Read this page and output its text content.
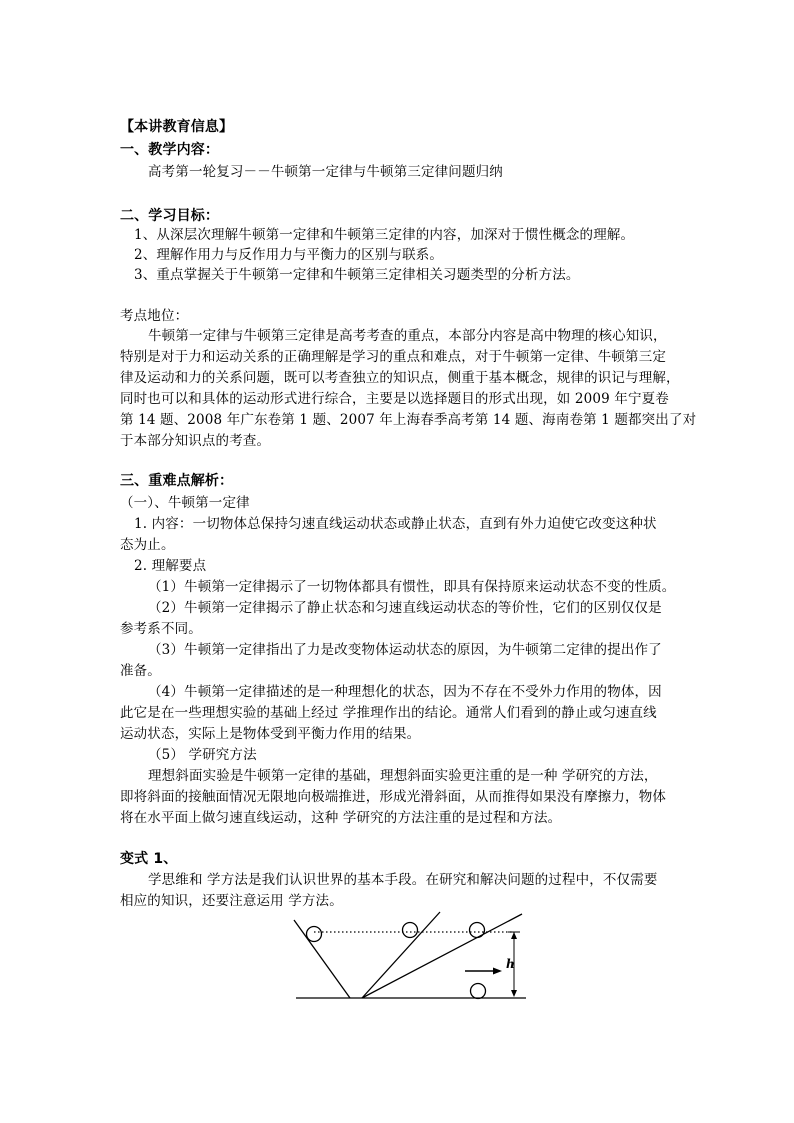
【本讲教育信息】
一、教学内容：
高考第一轮复习－－牛顿第一定律与牛顿第三定律问题归纳
二、学习目标：
1、从深层次理解牛顿第一定律和牛顿第三定律的内容，加深对于惯性概念的理解。
2、理解作用力与反作用力与平衡力的区别与联系。
3、重点掌握关于牛顿第一定律和牛顿第三定律相关习题类型的分析方法。
考点地位：
牛顿第一定律与牛顿第三定律是高考考查的重点，本部分内容是高中物理的核心知识，
特别是对于力和运动关系的正确理解是学习的重点和难点，对于牛顿第一定律、牛顿第三定
律及运动和力的关系问题，既可以考查独立的知识点，侧重于基本概念，规律的识记与理解，
同时也可以和具体的运动形式进行综合，主要是以选择题目的形式出现，如 2009 年宁夏卷
第 14 题、2008 年广东卷第 1 题、2007 年上海春季高考第 14 题、海南卷第 1 题都突出了对
于本部分知识点的考查。
三、重难点解析：
（一）、牛顿第一定律
1. 内容：一切物体总保持匀速直线运动状态或静止状态，直到有外力迫使它改变这种状
态为止。
2. 理解要点
（1）牛顿第一定律揭示了一切物体都具有惯性，即具有保持原来运动状态不变的性质。
（2）牛顿第一定律揭示了静止状态和匀速直线运动状态的等价性，它们的区别仅仅是
参考系不同。
（3）牛顿第一定律指出了力是改变物体运动状态的原因，为牛顿第二定律的提出作了
准备。
（4）牛顿第一定律描述的是一种理想化的状态，因为不存在不受外力作用的物体，因
此它是在一些理想实验的基础上经过 学推理作出的结论。通常人们看到的静止或匀速直线
运动状态，实际上是物体受到平衡力作用的结果。
（5） 学研究方法
理想斜面实验是牛顿第一定律的基础，理想斜面实验更注重的是一种 学研究的方法，
即将斜面的接触面情况无限地向极端推进，形成光滑斜面，从而推得如果没有摩擦力，物体
将在水平面上做匀速直线运动，这种 学研究的方法注重的是过程和方法。
变式 1、
学思维和 学方法是我们认识世界的基本手段。在研究和解决问题的过程中，不仅需要
相应的知识，还要注意运用 学方法。
h
